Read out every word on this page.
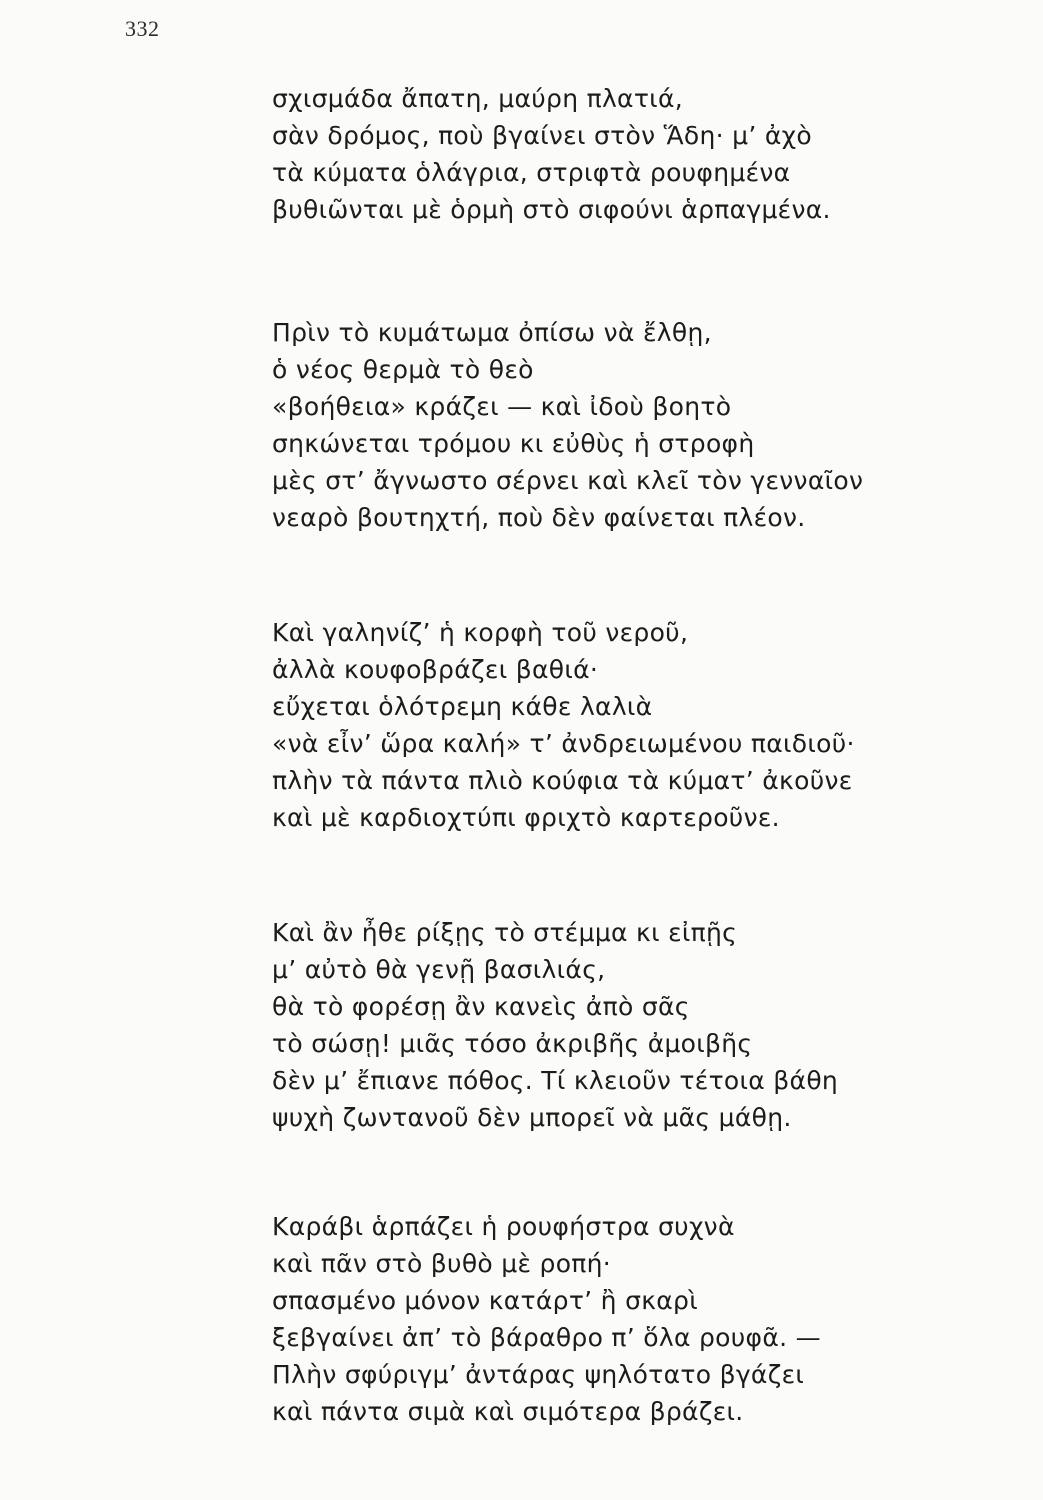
332
σχισμάδα ἄπατη, μαύρη πλατιά,
σὰν δρόμος, ποὺ βγαίνει στὸν Ἅδη· μ’ ἀχὸ
τὰ κύματα ὁλάγρια, στριφτὰ ρουφημένα
βυθιῶνται μὲ ὁρμὴ στὸ σιφούνι ἁρπαγμένα.
Πρὶν τὸ κυμάτωμα ὀπίσω νὰ ἔλθῃ,
ὁ νέος θερμὰ τὸ θεὸ
«βοήθεια» κράζει — καὶ ἰδοὺ βοητὸ
σηκώνεται τρόμου κι εὐθὺς ἡ στροφὴ
μὲς στ’ ἄγνωστο σέρνει καὶ κλεῖ τὸν γενναῖον
νεαρὸ βουτηχτή, ποὺ δὲν φαίνεται πλέον.
Καὶ γαληνίζ’ ἡ κορφὴ τοῦ νεροῦ,
ἀλλὰ κουφοβράζει βαθιά·
εὔχεται ὁλότρεμη κάθε λαλιὰ
«νὰ εἶν’ ὥρα καλή» τ’ ἀνδρειωμένου παιδιοῦ·
πλὴν τὰ πάντα πλιὸ κούφια τὰ κύματ’ ἀκοῦνε
καὶ μὲ καρδιοχτύπι φριχτὸ καρτεροῦνε.
Καὶ ἂν ἦθε ρίξῃς τὸ στέμμα κι εἰπῇς
μ’ αὐτὸ θὰ γενῇ βασιλιάς,
θὰ τὸ φορέσῃ ἂν κανεὶς ἀπὸ σᾶς
τὸ σώσῃ! μιᾶς τόσο ἀκριβῆς ἀμοιβῆς
δὲν μ’ ἔπιανε πόθος. Τί κλειοῦν τέτοια βάθη
ψυχὴ ζωντανοῦ δὲν μπορεῖ νὰ μᾶς μάθῃ.
Καράβι ἁρπάζει ἡ ρουφήστρα συχνὰ
καὶ πᾶν στὸ βυθὸ μὲ ροπή·
σπασμένο μόνον κατάρτ’ ἢ σκαρὶ
ξεβγαίνει ἀπ’ τὸ βάραθρο π’ ὅλα ρουφᾶ. —
Πλὴν σφύριγμ’ ἀντάρας ψηλότατο βγάζει
καὶ πάντα σιμὰ καὶ σιμότερα βράζει.
